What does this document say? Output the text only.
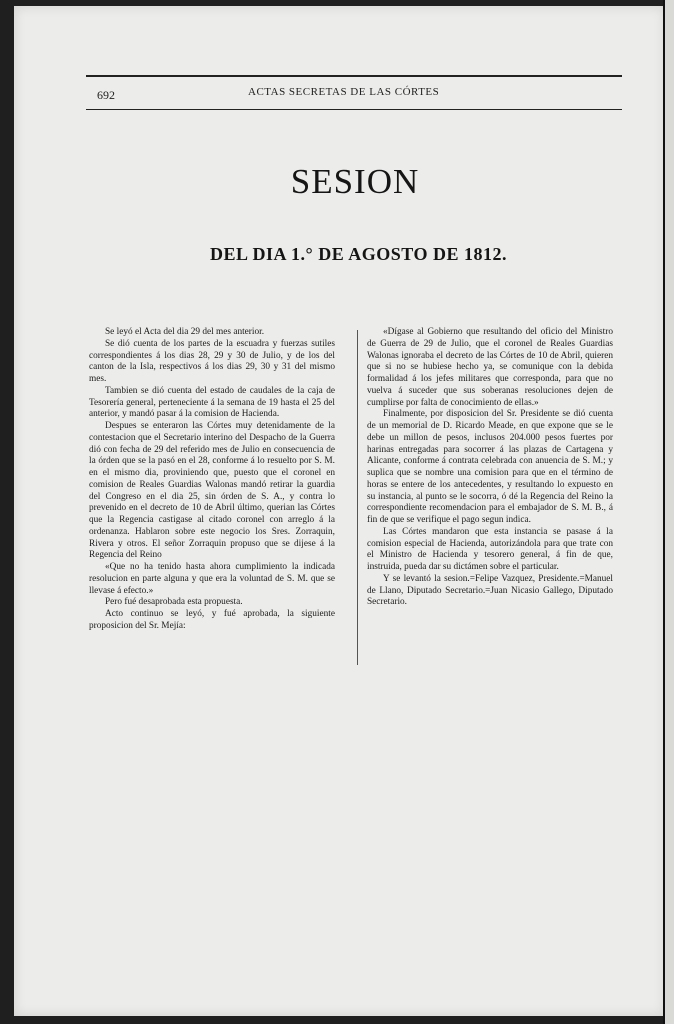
692	ACTAS SECRETAS DE LAS CÓRTES
SESION
DEL DIA 1.° DE AGOSTO DE 1812.

Se leyó el Acta del dia 29 del mes anterior.

Se dió cuenta de los partes de la escuadra y fuerzas sutiles correspondientes á los dias 28, 29 y 30 de Julio, y de los del canton de la Isla, respectivos á los dias 29, 30 y 31 del mismo mes.

Tambien se dió cuenta del estado de caudales de la caja de Tesorería general, perteneciente á la semana de 19 hasta el 25 del anterior, y mandó pasar á la comision de Hacienda.

Despues se enteraron las Córtes muy detenidamente de la contestacion que el Secretario interino del Despacho de la Guerra dió con fecha de 29 del referido mes de Julio en consecuencia de la órden que se la pasó en el 28, conforme á lo resuelto por S. M. en el mismo dia, proviniendo que, puesto que el coronel en comision de Reales Guardias Walonas mandó retirar la guardia del Congreso en el dia 25, sin órden de S. A., y contra lo prevenido en el decreto de 10 de Abril último, querian las Córtes que la Regencia castigase al citado coronel con arreglo á la ordenanza. Hablaron sobre este negocio los Sres. Zorraquin, Rivera y otros. El señor Zorraquin propuso que se dijese á la Regencia del Reino

«Que no ha tenido hasta ahora cumplimiento la indicada resolucion en parte alguna y que era la voluntad de S. M. que se llevase á efecto.»

Pero fué desaprobada esta propuesta.

Acto continuo se leyó, y fué aprobada, la siguiente proposicion del Sr. Mejía:

«Dígase al Gobierno que resultando del oficio del Ministro de Guerra de 29 de Julio, que el coronel de Reales Guardias Walonas ignoraba el decreto de las Córtes de 10 de Abril, quieren que si no se hubiese hecho ya, se comunique con la debida formalidad á los jefes militares que corresponda, para que no vuelva á suceder que sus soberanas resoluciones dejen de cumplirse por falta de conocimiento de ellas.»

Finalmente, por disposicion del Sr. Presidente se dió cuenta de un memorial de D. Ricardo Meade, en que expone que se le debe un millon de pesos, inclusos 204.000 pesos fuertes por harinas entregadas para socorrer á las plazas de Cartagena y Alicante, conforme á contrata celebrada con anuencia de S. M.; y suplica que se nombre una comision para que en el término de horas se entere de los antecedentes, y resultando lo expuesto en su instancia, al punto se le socorra, ó dé la Regencia del Reino la correspondiente recomendacion para el embajador de S. M. B., á fin de que se verifique el pago segun indica.

Las Córtes mandaron que esta instancia se pasase á la comision especial de Hacienda, autorizándola para que trate con el Ministro de Hacienda y tesorero general, á fin de que, instruida, pueda dar su dictámen sobre el particular.

Y se levantó la sesion.=Felipe Vazquez, Presidente.=Manuel de Llano, Diputado Secretario.=Juan Nicasio Gallego, Diputado Secretario.
